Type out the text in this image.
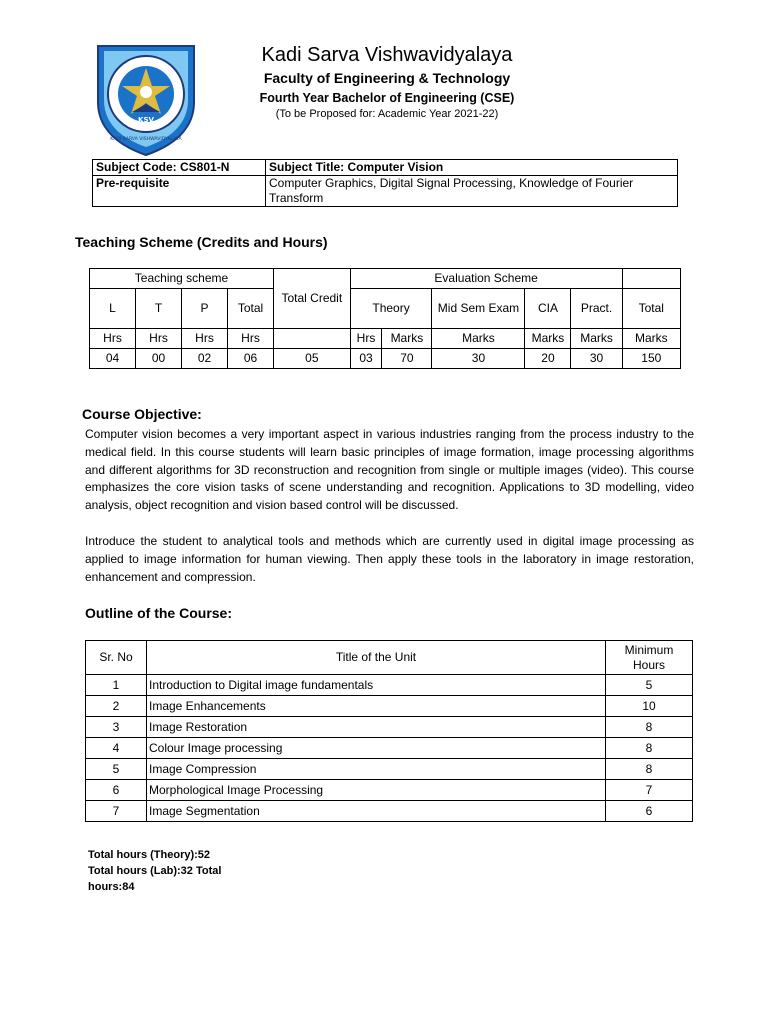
KSV
KADI SARVA VISHWAVIDYALAYA
Kadi Sarva Vishwavidyalaya
Faculty of Engineering & Technology
Fourth Year Bachelor of Engineering (CSE)
(To be Proposed for: Academic Year 2021-22)
Subject Code: CS801-N	Subject Title: Computer Vision
Pre-requisite	Computer Graphics, Digital Signal Processing, Knowledge of Fourier Transform
Teaching Scheme (Credits and Hours)
Teaching scheme				Total Credit	Evaluation Scheme					
L	T	P	Total		Theory		Mid Sem Exam	CIA	Pract.	Total
Hrs	Hrs	Hrs	Hrs		Hrs	Marks	Marks	Marks	Marks	Marks
04	00	02	06	05	03	70	30	20	30	150
Course Objective:
Computer vision becomes a very important aspect in various industries ranging from the process industry to the medical field. In this course students will learn basic principles of image formation, image processing algorithms and different algorithms for 3D reconstruction and recognition from single or multiple images (video). This course emphasizes the core vision tasks of scene understanding and recognition. Applications to 3D modelling, video analysis, object recognition and vision based control will be discussed.
Introduce the student to analytical tools and methods which are currently used in digital image processing as applied to image information for human viewing. Then apply these tools in the laboratory in image restoration, enhancement and compression.
Outline of the Course:
Sr. No	Title of the Unit	Minimum Hours
1	Introduction to Digital image fundamentals	5
2	Image Enhancements	10
3	Image Restoration	8
4	Colour Image processing	8
5	Image Compression	8
6	Morphological Image Processing	7
7	Image Segmentation	6
Total hours (Theory):52
Total hours (Lab):32 Total hours:84
